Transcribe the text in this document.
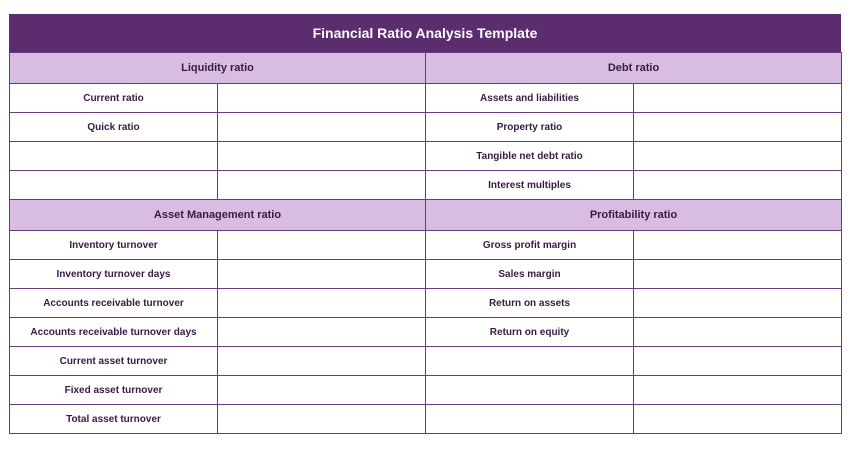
Financial Ratio Analysis Template
Liquidity ratio		Debt ratio	
Current ratio		Assets and liabilities	
Quick ratio		Property ratio	
		Tangible net debt ratio	
		Interest multiples	
Asset Management ratio		Profitability ratio	
Inventory turnover		Gross profit margin	
Inventory turnover days		Sales margin	
Accounts receivable turnover		Return on assets	
Accounts receivable turnover days		Return on equity	
Current asset turnover			
Fixed asset turnover			
Total asset turnover			
